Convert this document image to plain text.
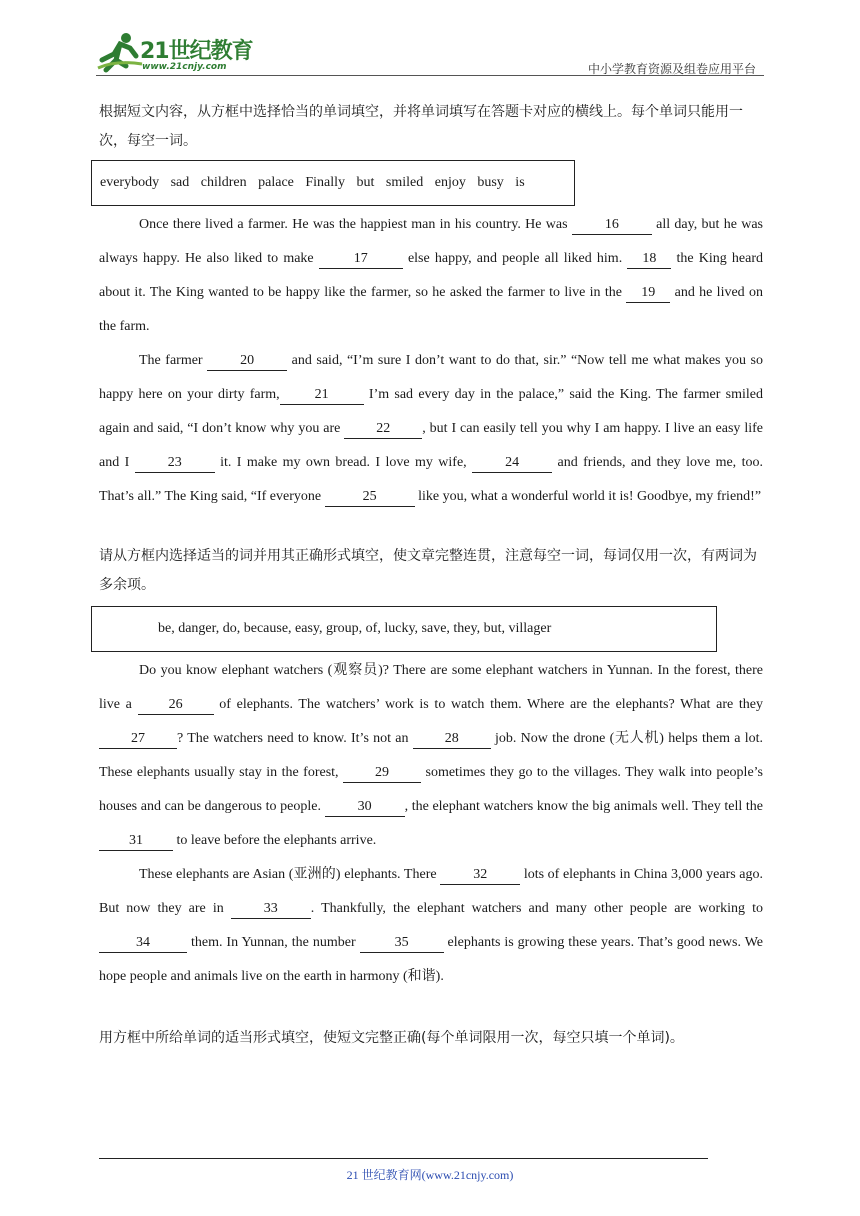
21世纪教育
www.21cnjy.com	中小学教育资源及组卷应用平台

根据短文内容，从方框中选择恰当的单词填空，并将单词填写在答题卡对应的横线上。每个单词只能用一次，每空一词。

everybody sad children palace Finally but smiled enjoy busy is

Once there lived a farmer. He was the happiest man in his country. He was 16 all day, but he was always happy. He also liked to make	17	else happy, and people all liked him. 18 the King heard about it. The King wanted to be happy like the farmer, so he asked the farmer to live in the 19 and he lived on the farm.

The farmer 20 and said, “I’m sure I don’t want to do that, sir.” “Now tell me what makes you so happy here on your dirty farm,	21	I’m sad every day in the palace,” said the King. The farmer smiled again and said, “I don’t know why you are 22 , but I can easily tell you why I am happy. I live an easy life and I 23 it. I make my own bread. I love my wife, 24 and friends, and they love me, too. That’s all.” The King said, “If everyone	25	like you, what a wonderful world it is! Goodbye, my friend!”

请从方框内选择适当的词并用其正确形式填空，使文章完整连贯，注意每空一词，每词仅用一次，有两词为多余项。

be, danger, do, because, easy, group, of, lucky, save, they, but, villager

Do you know elephant watchers (观察员)? There are some elephant watchers in Yunnan. In the forest, there live a 26 of elephants. The watchers’ work is to watch them. Where are the elephants? What are they 27 ? The watchers need to know. It’s not an 28 job. Now the drone (无人机) helps them a lot. These elephants usually stay in the forest, 29 sometimes they go to the villages. They walk into people’s houses and can be dangerous to people. 30 , the elephant watchers know the big animals well. They tell the 31 to leave before the elephants arrive.

These elephants are Asian (亚洲的) elephants. There 32 lots of elephants in China 3,000 years ago. But now they are in 33 . Thankfully, the elephant watchers and many other people are working to 34	them. In Yunnan, the number	35	elephants is growing these years. That’s good news. We hope people and animals live on the earth in harmony (和谐).

用方框中所给单词的适当形式填空，使短文完整正确(每个单词限用一次，每空只填一个单词)。

21 世纪教育网(www.21cnjy.com)
